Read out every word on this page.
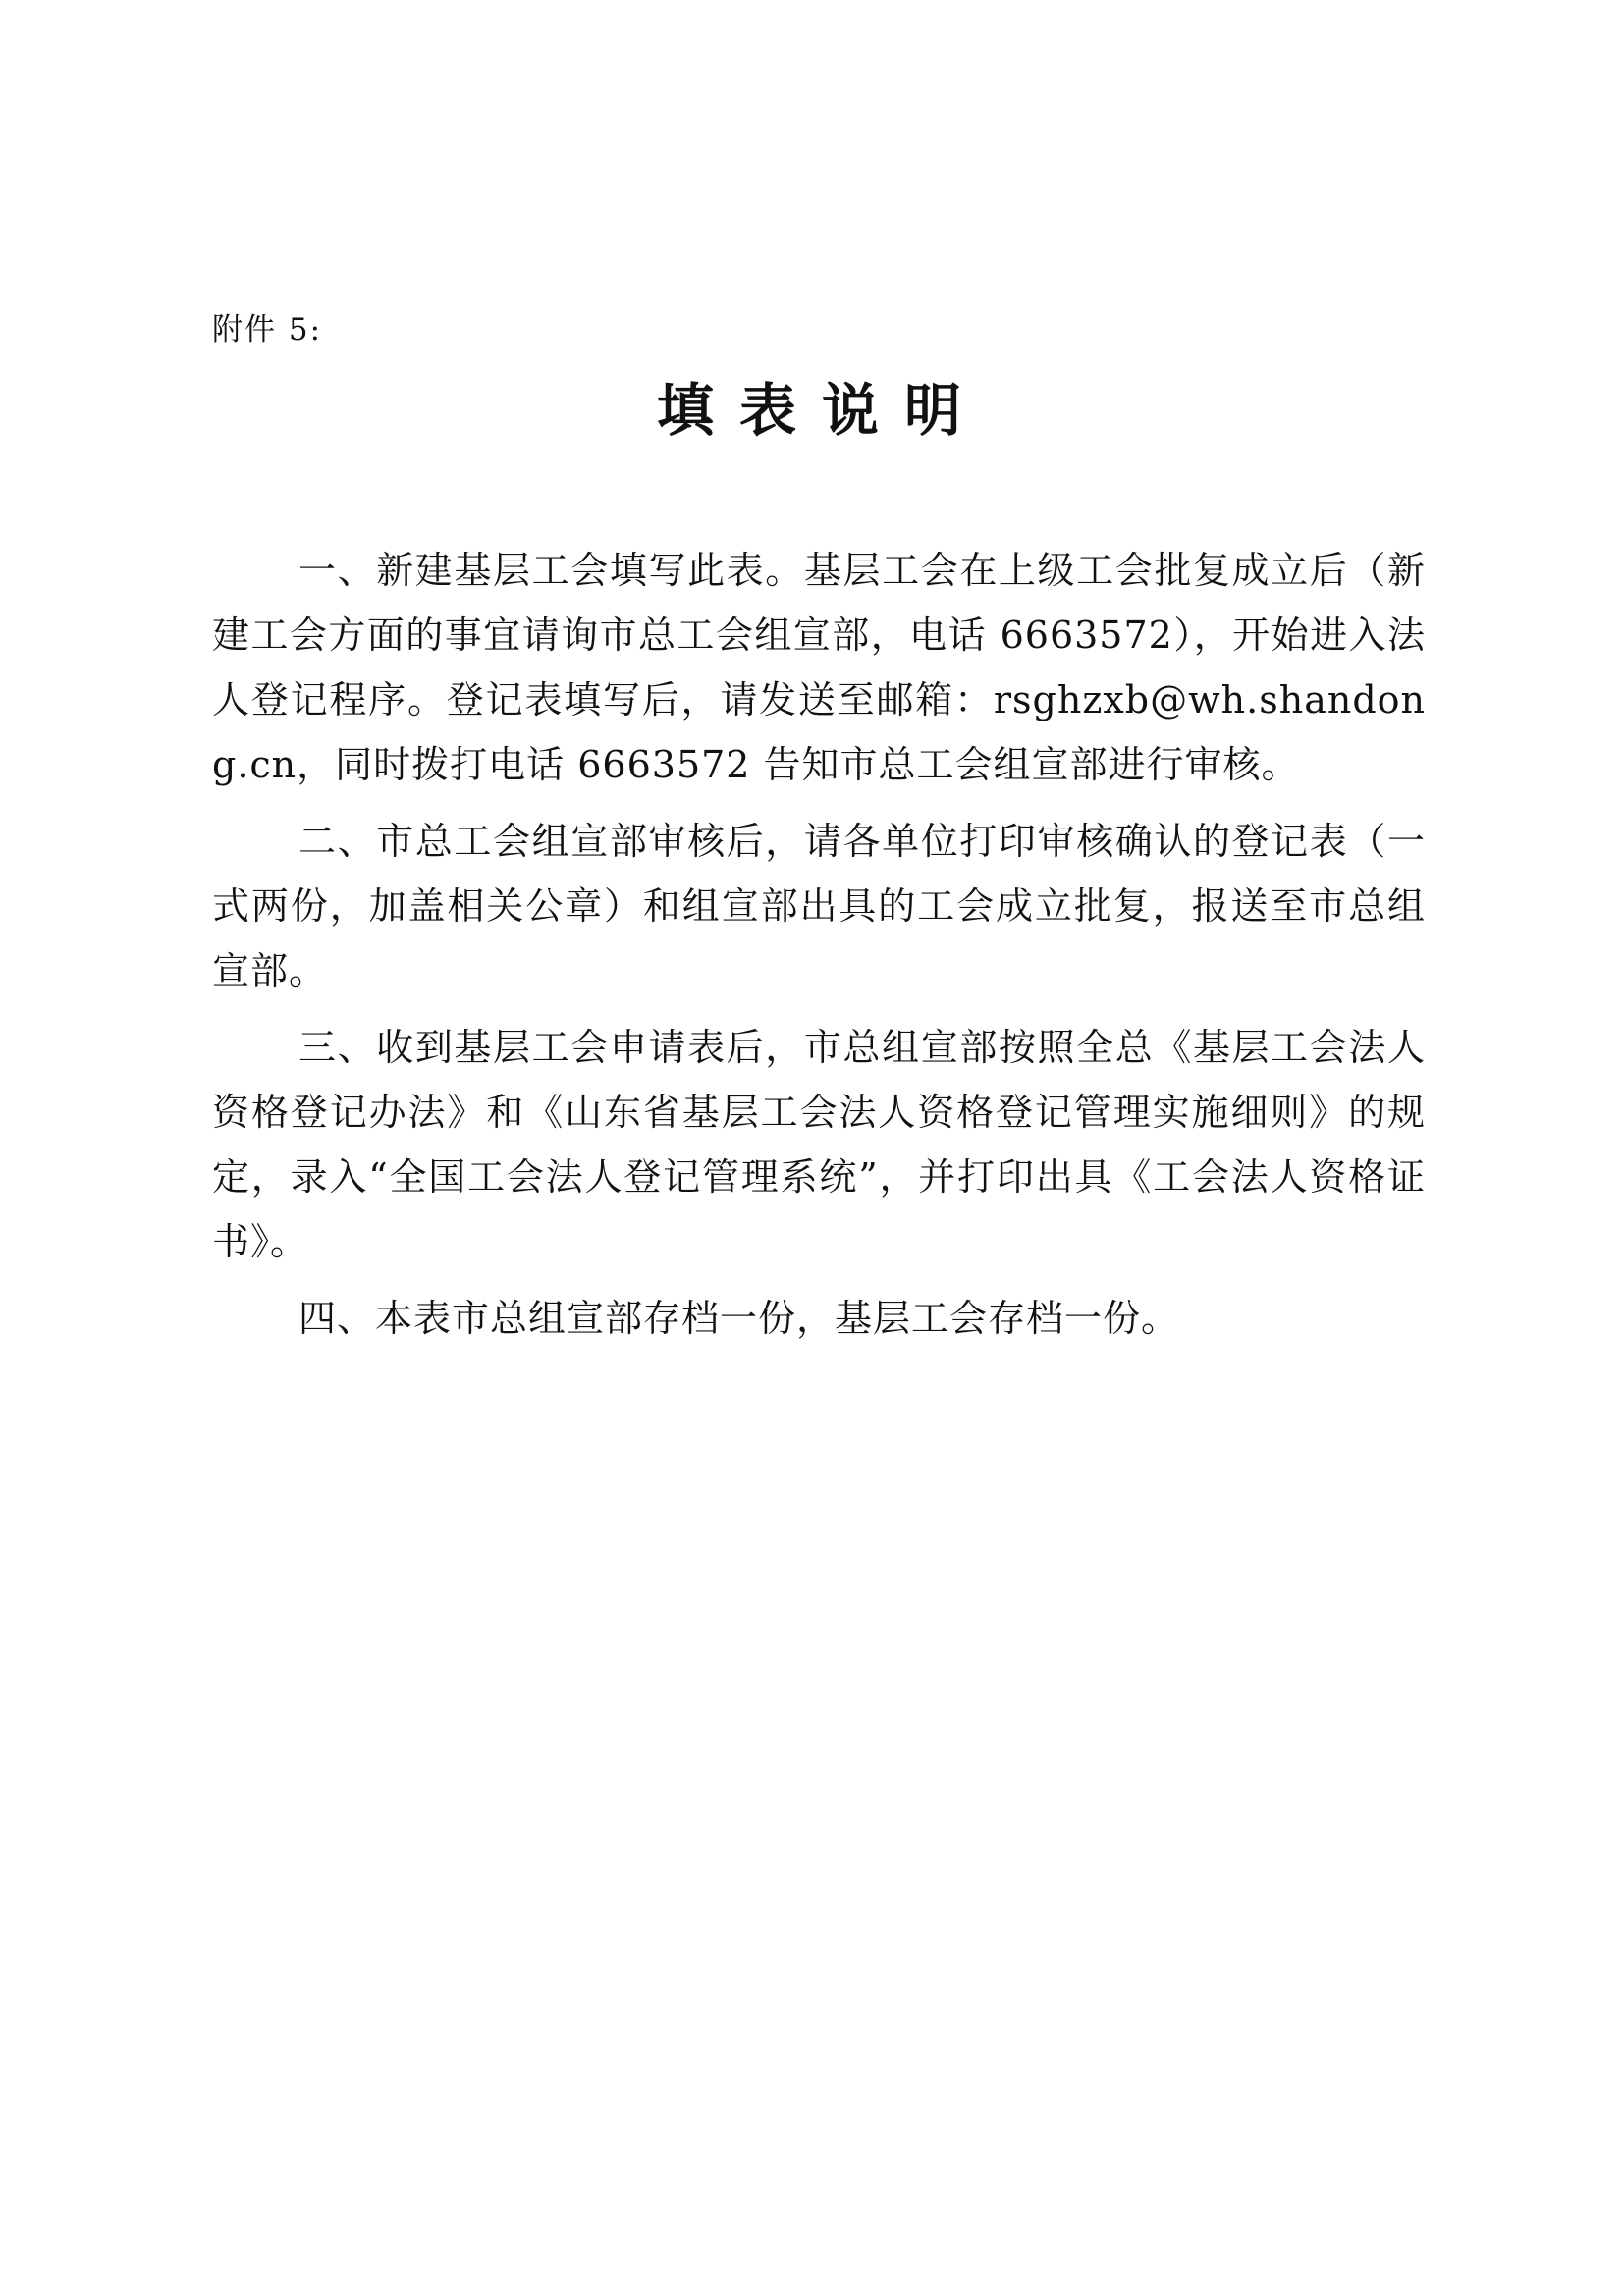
附件 5:
填表说明

一、新建基层工会填写此表。基层工会在上级工会批复成立后（新建工会方面的事宜请询市总工会组宣部，电话 6663572），开始进入法人登记程序。登记表填写后，请发送至邮箱：rsghzxb@wh.shandong.cn，同时拨打电话 6663572 告知市总工会组宣部进行审核。

二、市总工会组宣部审核后，请各单位打印审核确认的登记表（一式两份，加盖相关公章）和组宣部出具的工会成立批复，报送至市总组宣部。

三、收到基层工会申请表后，市总组宣部按照全总《基层工会法人资格登记办法》和《山东省基层工会法人资格登记管理实施细则》的规定，录入“全国工会法人登记管理系统”，并打印出具《工会法人资格证书》。

四、本表市总组宣部存档一份，基层工会存档一份。
